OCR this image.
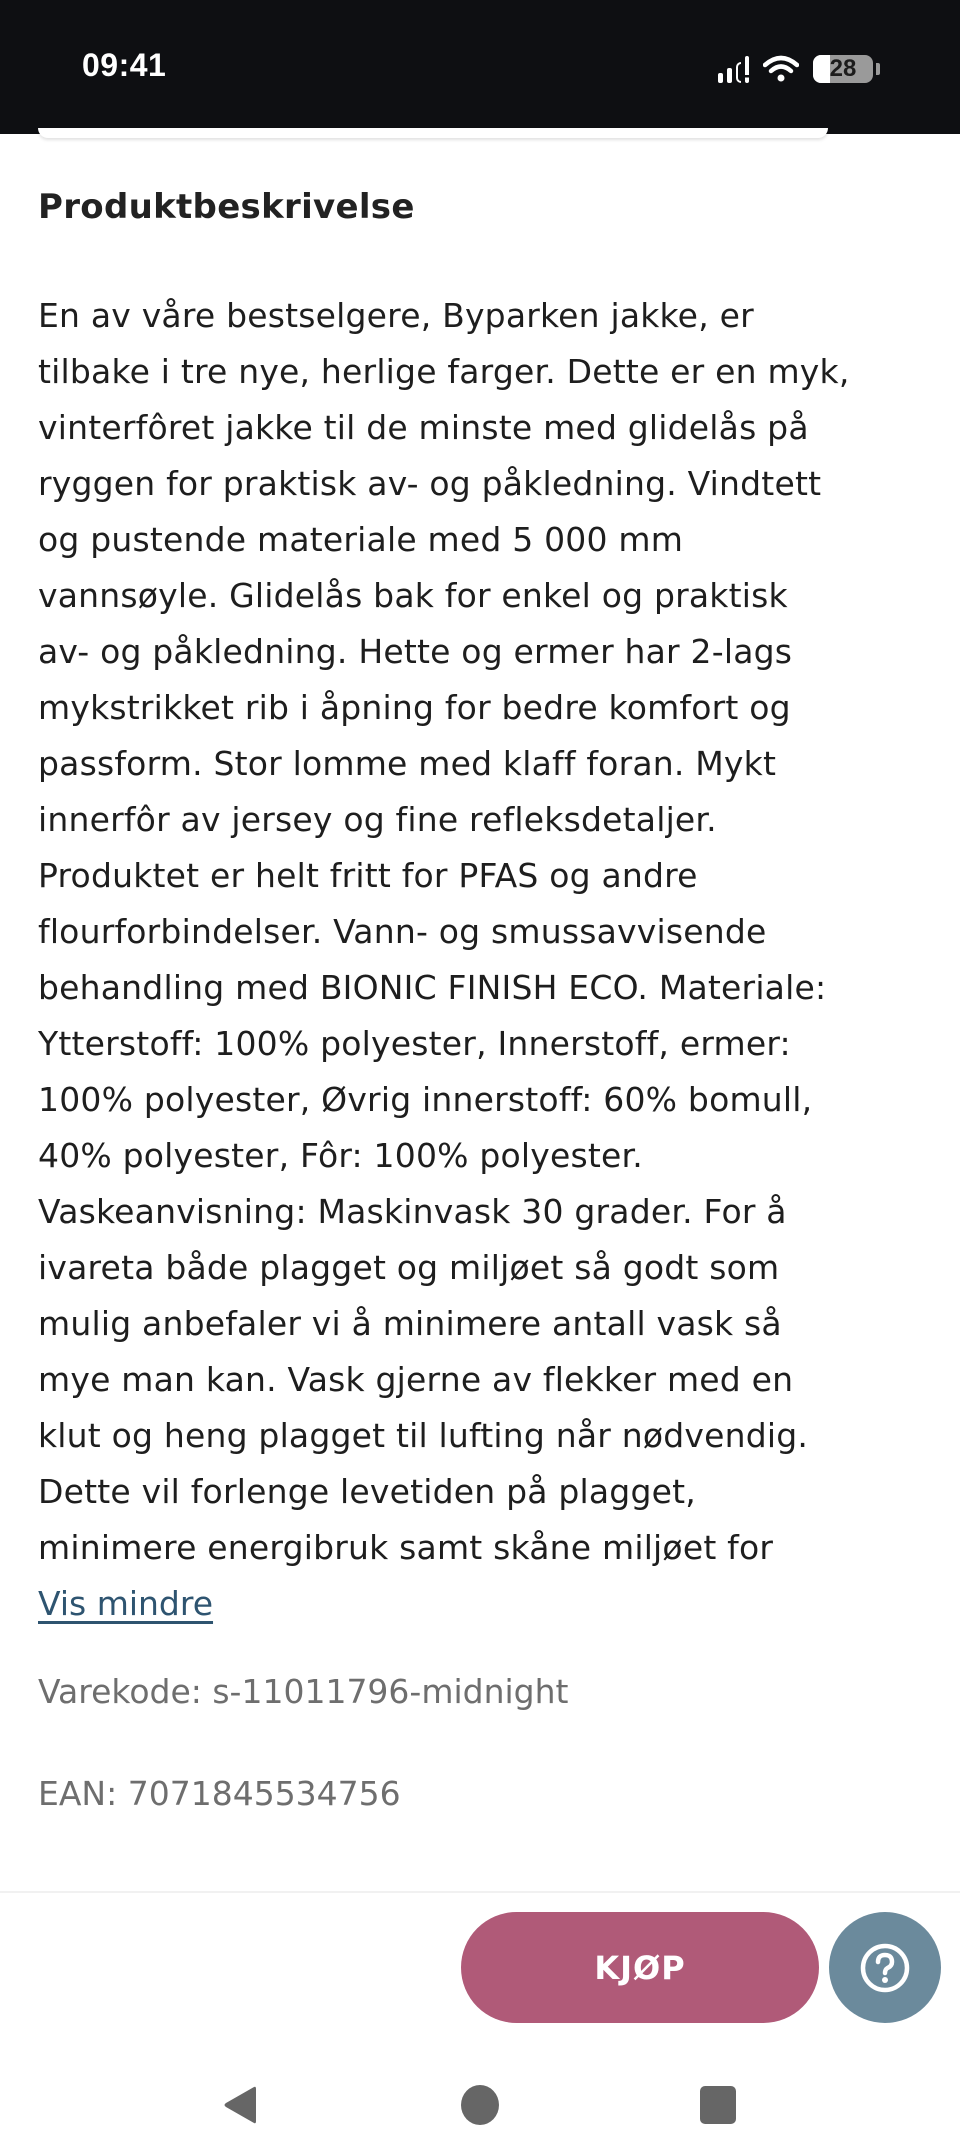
09:41	28
Produktbeskrivelse
En av våre bestselgere, Byparken jakke, er
tilbake i tre nye, herlige farger. Dette er en myk,
vinterfôret jakke til de minste med glidelås på
ryggen for praktisk av- og påkledning. Vindtett
og pustende materiale med 5 000 mm
vannsøyle. Glidelås bak for enkel og praktisk
av- og påkledning. Hette og ermer har 2-lags
mykstrikket rib i åpning for bedre komfort og
passform. Stor lomme med klaff foran. Mykt
innerfôr av jersey og fine refleksdetaljer.
Produktet er helt fritt for PFAS og andre
flourforbindelser. Vann- og smussavvisende
behandling med BIONIC FINISH ECO. Materiale:
Ytterstoff: 100% polyester, Innerstoff, ermer:
100% polyester, Øvrig innerstoff: 60% bomull,
40% polyester, Fôr: 100% polyester.
Vaskeanvisning: Maskinvask 30 grader. For å
ivareta både plagget og miljøet så godt som
mulig anbefaler vi å minimere antall vask så
mye man kan. Vask gjerne av flekker med en
klut og heng plagget til lufting når nødvendig.
Dette vil forlenge levetiden på plagget,
minimere energibruk samt skåne miljøet for
Vis mindre
Varekode: s-11011796-midnight
EAN: 7071845534756
KJØP
